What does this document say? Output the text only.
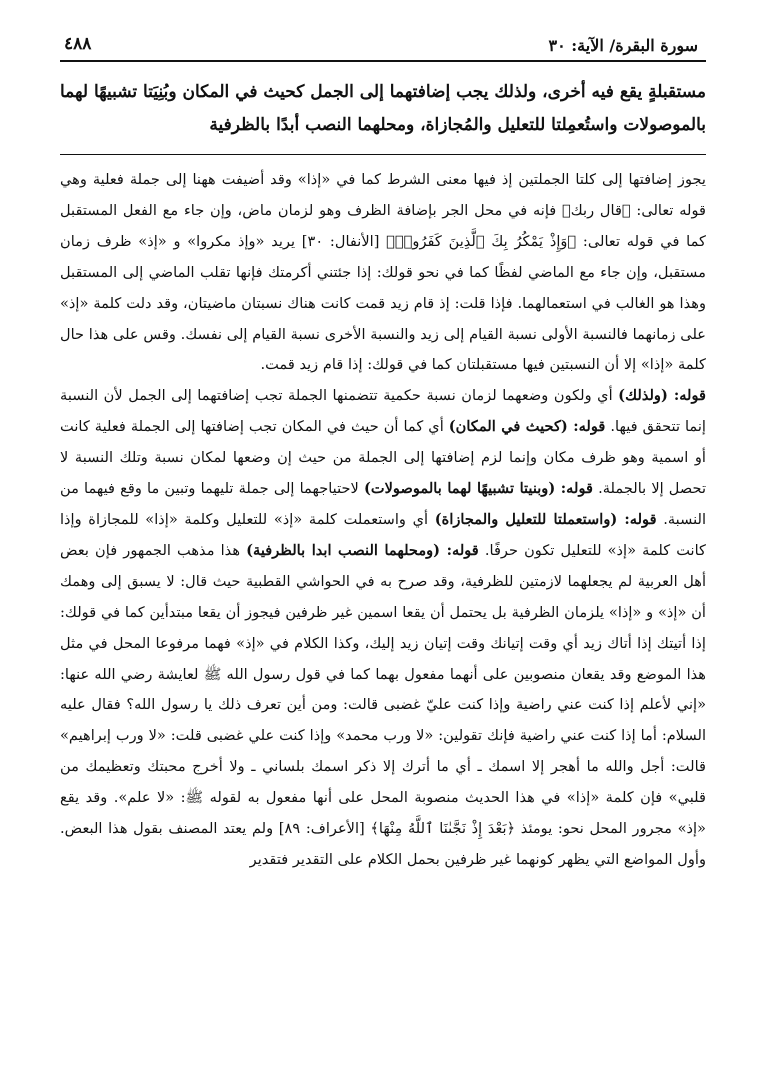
سورة البقرة/ الآية: ٣٠
٤٨٨

مستقبلةٍ يقع فيه أخرى، ولذلك يجب إضافتهما إلى الجمل كحيث في المكان وبُنِيَتا تشبيهًا لهما بالموصولات واستُعمِلتا للتعليل والمُجازاة، ومحلهما النصب أبدًا بالظرفية

يجوز إضافتها إلى كلتا الجملتين إذ فيها معنى الشرط كما في «إذا» وقد أضيفت ههنا إلى جملة فعلية وهي قوله تعالى: ﴿قال ربك﴾ فإنه في محل الجر بإضافة الظرف وهو لزمان ماض، وإن جاء مع الفعل المستقبل كما في قوله تعالى: ﴿وَإِذْ يَمْكُرُ بِكَ ٱلَّذِينَ كَفَرُوا۟﴾ [الأنفال: ٣٠] يريد «وإذ مكروا» و «إذ» ظرف زمان مستقبل، وإن جاء مع الماضي لفظًا كما في نحو قولك: إذا جئتني أكرمتك فإنها تقلب الماضي إلى المستقبل وهذا هو الغالب في استعمالهما. فإذا قلت: إذ قام زيد قمت كانت هناك نسبتان ماضيتان، وقد دلت كلمة «إذ» على زمانهما فالنسبة الأولى نسبة القيام إلى زيد والنسبة الأخرى نسبة القيام إلى نفسك. وقس على هذا حال كلمة «إذا» إلا أن النسبتين فيها مستقبلتان كما في قولك: إذا قام زيد قمت.

قوله: (ولذلك) أي ولكون وضعهما لزمان نسبة حكمية تتضمنها الجملة تجب إضافتهما إلى الجمل لأن النسبة إنما تتحقق فيها. قوله: (كحيث في المكان) أي كما أن حيث في المكان تجب إضافتها إلى الجملة فعلية كانت أو اسمية وهو ظرف مكان وإنما لزم إضافتها إلى الجملة من حيث إن وضعها لمكان نسبة وتلك النسبة لا تحصل إلا بالجملة. قوله: (وبنيتا تشبيهًا لهما بالموصولات) لاحتياجهما إلى جملة تليهما وتبين ما وقع فيهما من النسبة. قوله: (واستعملتا للتعليل والمجازاة) أي واستعملت كلمة «إذ» للتعليل وكلمة «إذا» للمجازاة وإذا كانت كلمة «إذ» للتعليل تكون حرفًا. قوله: (ومحلهما النصب ابدا بالظرفية) هذا مذهب الجمهور فإن بعض أهل العربية لم يجعلهما لازمتين للظرفية، وقد صرح به في الحواشي القطبية حيث قال: لا يسبق إلى وهمك أن «إذ» و «إذا» يلزمان الظرفية بل يحتمل أن يقعا اسمين غير ظرفين فيجوز أن يقعا مبتدأين كما في قولك: إذا أتيتك إذا أتاك زيد أي وقت إتيانك وقت إتيان زيد إليك، وكذا الكلام في «إذ» فهما مرفوعا المحل في مثل هذا الموضع وقد يقعان منصوبين على أنهما مفعول بهما كما في قول رسول الله ﷺ لعايشة رضي الله عنها: «إني لأعلم إذا كنت عني راضية وإذا كنت عليّ غضبى قالت: ومن أين تعرف ذلك يا رسول الله؟ فقال عليه السلام: أما إذا كنت عني راضية فإنك تقولين: «لا ورب محمد» وإذا كنت علي غضبى قلت: «لا ورب إبراهيم» قالت: أجل والله ما أهجر إلا اسمك ـ أي ما أترك إلا ذكر اسمك بلساني ـ ولا أخرج محبتك وتعظيمك من قلبي» فإن كلمة «إذا» في هذا الحديث منصوبة المحل على أنها مفعول به لقوله ﷺ: «لا علم». وقد يقع «إذ» مجرور المحل نحو: يومئذ ﴿بَعْدَ إِذْ نَجَّىٰنَا ٱللَّهُ مِنْهَا﴾ [الأعراف: ٨٩] ولم يعتد المصنف بقول هذا البعض. وأول المواضع التي يظهر كونهما غير ظرفين بحمل الكلام على التقدير فتقدير
